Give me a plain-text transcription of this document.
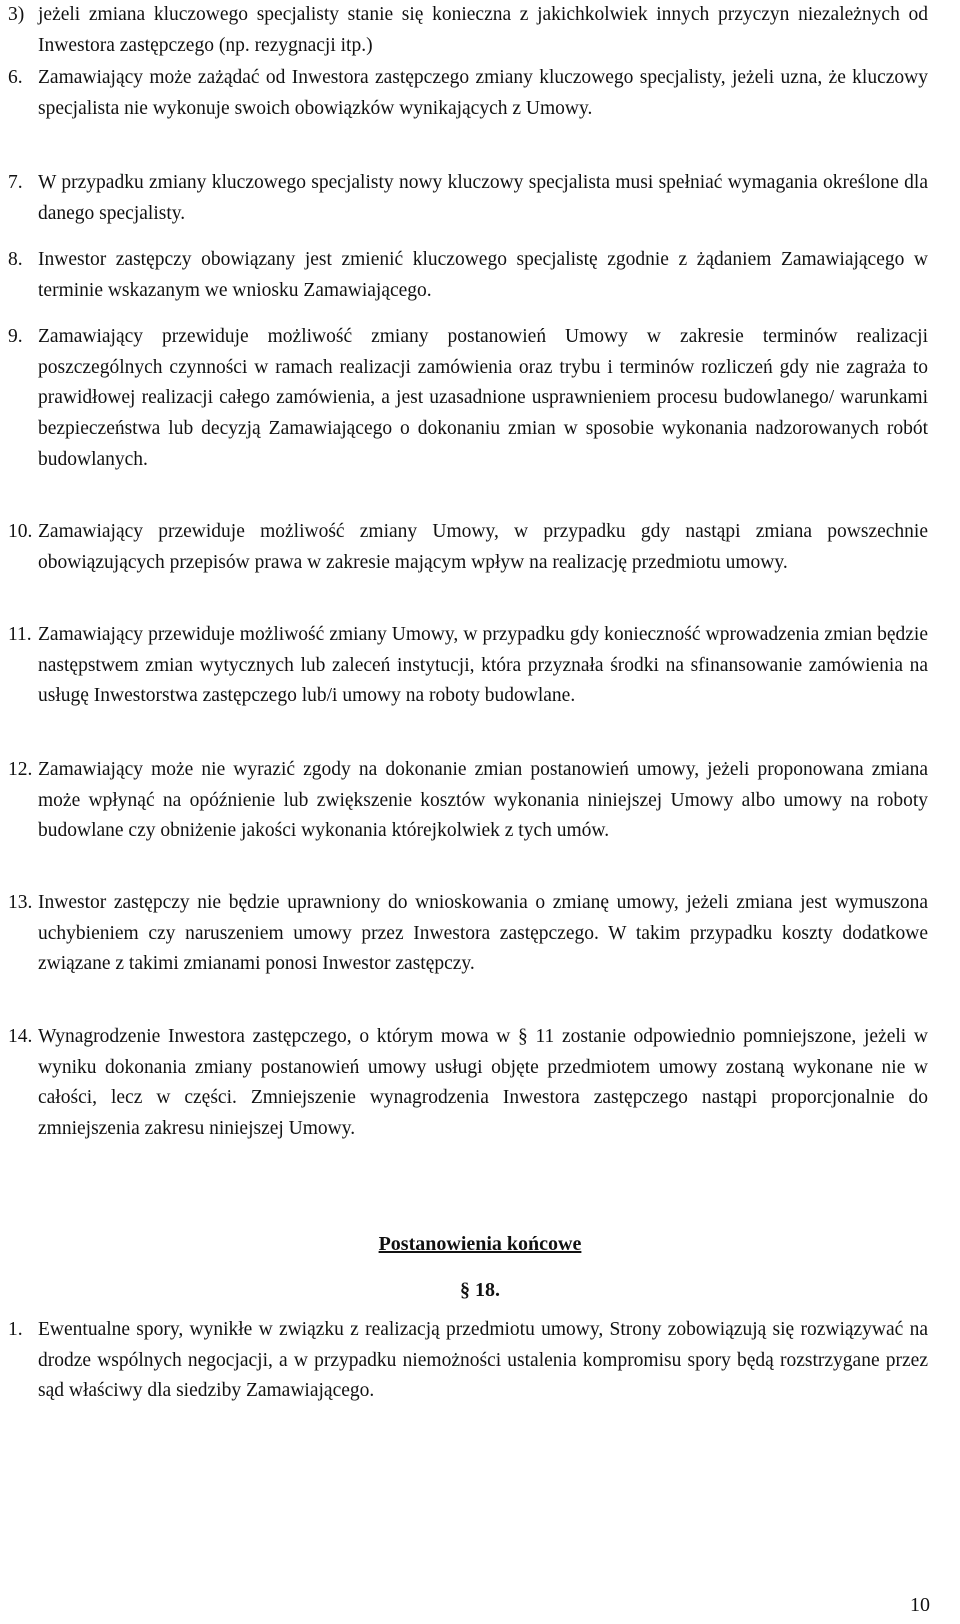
3) jeżeli zmiana kluczowego specjalisty stanie się konieczna z jakichkolwiek innych przyczyn niezależnych od Inwestora zastępczego (np. rezygnacji itp.)
6. Zamawiający może zażądać od Inwestora zastępczego zmiany kluczowego specjalisty, jeżeli uzna, że kluczowy specjalista nie wykonuje swoich obowiązków wynikających z Umowy.
7. W przypadku zmiany kluczowego specjalisty nowy kluczowy specjalista musi spełniać wymagania określone dla danego specjalisty.
8. Inwestor zastępczy obowiązany jest zmienić kluczowego specjalistę zgodnie z żądaniem Zamawiającego w terminie wskazanym we wniosku Zamawiającego.
9. Zamawiający przewiduje możliwość zmiany postanowień Umowy w zakresie terminów realizacji poszczególnych czynności w ramach realizacji zamówienia oraz trybu i terminów rozliczeń gdy nie zagraża to prawidłowej realizacji całego zamówienia, a jest uzasadnione usprawnieniem procesu budowlanego/ warunkami bezpieczeństwa lub decyzją Zamawiającego o dokonaniu zmian w sposobie wykonania nadzorowanych robót budowlanych.
10. Zamawiający przewiduje możliwość zmiany Umowy, w przypadku gdy nastąpi zmiana powszechnie obowiązujących przepisów prawa w zakresie mającym wpływ na realizację przedmiotu umowy.
11. Zamawiający przewiduje możliwość zmiany Umowy, w przypadku gdy konieczność wprowadzenia zmian będzie następstwem zmian wytycznych lub zaleceń instytucji, która przyznała środki na sfinansowanie zamówienia na usługę Inwestorstwa zastępczego lub/i umowy na roboty budowlane.
12. Zamawiający może nie wyrazić zgody na dokonanie zmian postanowień umowy, jeżeli proponowana zmiana może wpłynąć na opóźnienie lub zwiększenie kosztów wykonania niniejszej Umowy albo umowy na roboty budowlane czy obniżenie jakości wykonania którejkolwiek z tych umów.
13. Inwestor zastępczy nie będzie uprawniony do wnioskowania o zmianę umowy, jeżeli zmiana jest wymuszona uchybieniem czy naruszeniem umowy przez Inwestora zastępczego. W takim przypadku koszty dodatkowe związane z takimi zmianami ponosi Inwestor zastępczy.
14. Wynagrodzenie Inwestora zastępczego, o którym mowa w § 11 zostanie odpowiednio pomniejszone, jeżeli w wyniku dokonania zmiany postanowień umowy usługi objęte przedmiotem umowy zostaną wykonane nie w całości, lecz w części. Zmniejszenie wynagrodzenia Inwestora zastępczego nastąpi proporcjonalnie do zmniejszenia zakresu niniejszej Umowy.
Postanowienia końcowe
§ 18.
1. Ewentualne spory, wynikłe w związku z realizacją przedmiotu umowy, Strony zobowiązują się rozwiązywać na drodze wspólnych negocjacji, a w przypadku niemożności ustalenia kompromisu spory będą rozstrzygane przez sąd właściwy dla siedziby Zamawiającego.
10
